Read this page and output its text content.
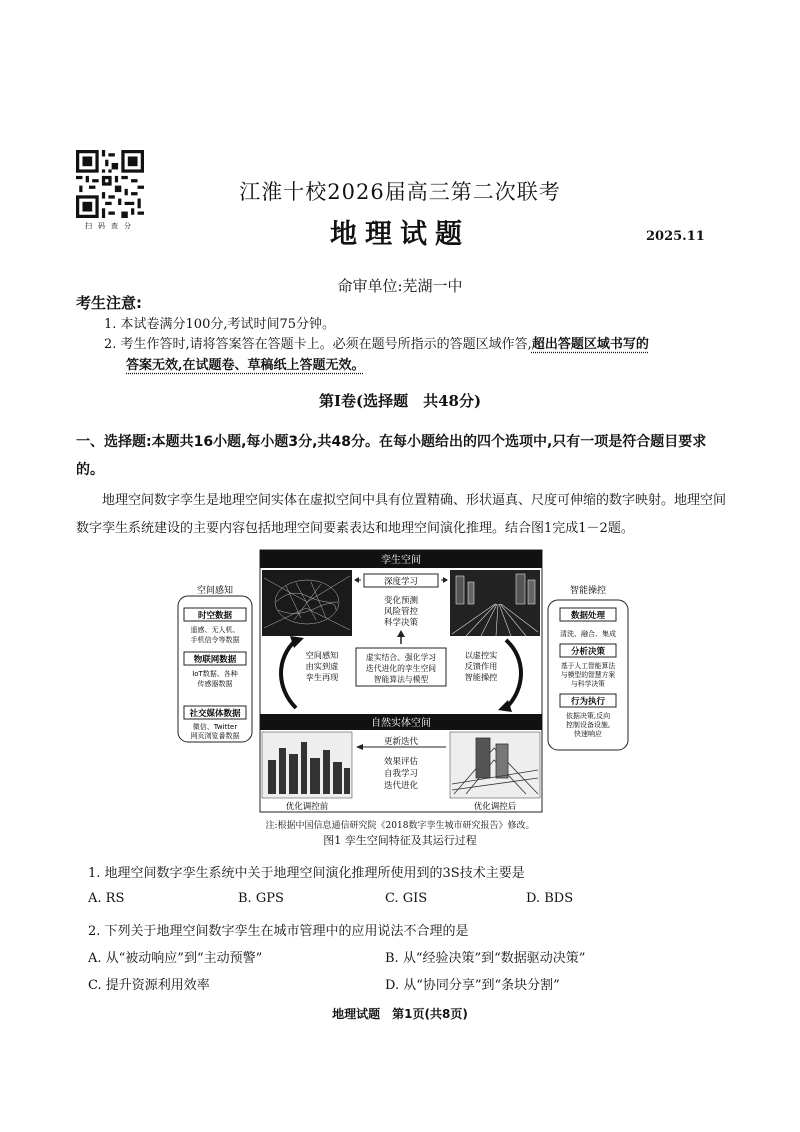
扫码查分
江淮十校2026届高三第二次联考
地理试题	2025.11
命审单位:芜湖一中
考生注意:
1. 本试卷满分100分,考试时间75分钟。
2. 考生作答时,请将答案答在答题卡上。必须在题号所指示的答题区域作答,超出答题区域书写的
答案无效,在试题卷、草稿纸上答题无效。
第Ⅰ卷(选择题　共48分)
一、选择题:本题共16小题,每小题3分,共48分。在每小题给出的四个选项中,只有一项是符合题目要求的。
地理空间数字孪生是地理空间实体在虚拟空间中具有位置精确、形状逼真、尺度可伸缩的数字映射。地理空间数字孪生系统建设的主要内容包括地理空间要素表达和地理空间演化推理。结合图1完成1－2题。
空间感知
时空数据
遥感、无人机、
手机信令等数据
物联网数据
IoT数据、各种
传感器数据
社交媒体数据
微信、Twitter
网页浏览番数据
智能操控
数据处理
清洗、融合、集成
分析决策
基于人工智能算法
与模型的智慧方案
与科学决策
行为执行
依据决策,反向
控制设备设施,
快速响应
孪生空间
深度学习
变化预测
风险管控
科学决策
虚实结合、强化学习
迭代进化的孪生空间
智能算法与模型
空间感知
由实到虚
孪生再现
以虚控实
反馈作用
智能操控
自然实体空间
优化调控前	优化调控后
更新迭代
效果评估
自我学习
迭代进化
注:根据中国信息通信研究院《2018数字孪生城市研究报告》修改。
图1 孪生空间特征及其运行过程
1. 地理空间数字孪生系统中关于地理空间演化推理所使用到的3S技术主要是
A. RS	B. GPS	C. GIS	D. BDS
2. 下列关于地理空间数字孪生在城市管理中的应用说法不合理的是
A. 从“被动响应”到“主动预警”	B. 从“经验决策”到“数据驱动决策”
C. 提升资源利用效率	D. 从“协同分享”到“条块分割”
地理试题　第1页(共8页)
